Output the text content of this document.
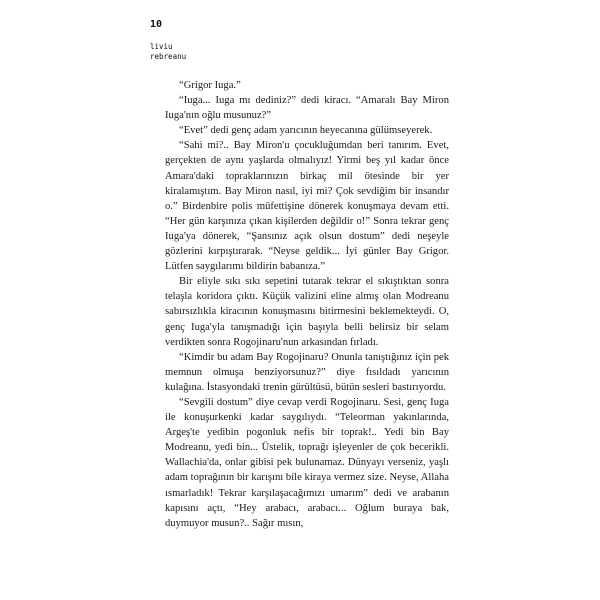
10
liviu
rebreanu

“Grigor Iuga.”

“Iuga... Iuga mı dediniz?” dedi kiracı. “Amaralı Bay Miron Iuga'nın oğlu musunuz?”

“Evet” dedi genç adam yarıcının heyecanına gülümseyerek.

“Sahi mi?.. Bay Miron'u çocukluğumdan beri tanırım. Evet, gerçekten de aynı yaşlarda olmalıyız! Yirmi beş yıl kadar önce Amara'daki topraklarınızın birkaç mil ötesinde bir yer kiralamıştım. Bay Miron nasıl, iyi mi? Çok sevdiğim bir insandır o.” Birdenbire polis müfettişine dönerek konuşmaya devam etti. “Her gün karşınıza çıkan kişilerden değildir o!” Sonra tekrar genç Iuga'ya dönerek, “Şansınız açık olsun dostum” dedi neşeyle gözlerini kırpıştırarak. “Neyse geldik... İyi günler Bay Grigor. Lütfen saygılarımı bildirin babanıza.”

Bir eliyle sıkı sıkı sepetini tutarak tekrar el sıkıştıktan sonra telaşla koridora çıktı. Küçük valizini eline almış olan Modreanu sabırsızlıkla kiracının konuşmasını bitirmesini beklemekteydi. O, genç Iuga'yla tanışmadığı için başıyla belli belirsiz bir selam verdikten sonra Rogojinaru'nun arkasından fırladı.

“Kimdir bu adam Bay Rogojinaru? Onunla tanıştığınız için pek memnun olmuşa benziyorsunuz?” diye fısıldadı yarıcının kulağına. İstasyondaki trenin gürültüsü, bütün sesleri bastırıyordu.

“Sevgili dostum” diye cevap verdi Rogojinaru. Sesi, genç Iuga ile konuşurkenki kadar saygılıydı. “Teleorman yakınlarında, Argeş'te yedibin pogonluk nefis bir toprak!.. Yedi bin Bay Modreanu, yedi bin... Üstelik, toprağı işleyenler de çok becerikli. Wallachia'da, onlar gibisi pek bulunamaz. Dünyayı verseniz, yaşlı adam toprağının bir karışını bile kiraya vermez size. Neyse, Allaha ısmarladık! Tekrar karşılaşacağımızı umarım” dedi ve arabanın kapısını açtı, “Hey arabacı, arabacı... Oğlum buraya bak, duymuyor musun?.. Sağır mısın,
